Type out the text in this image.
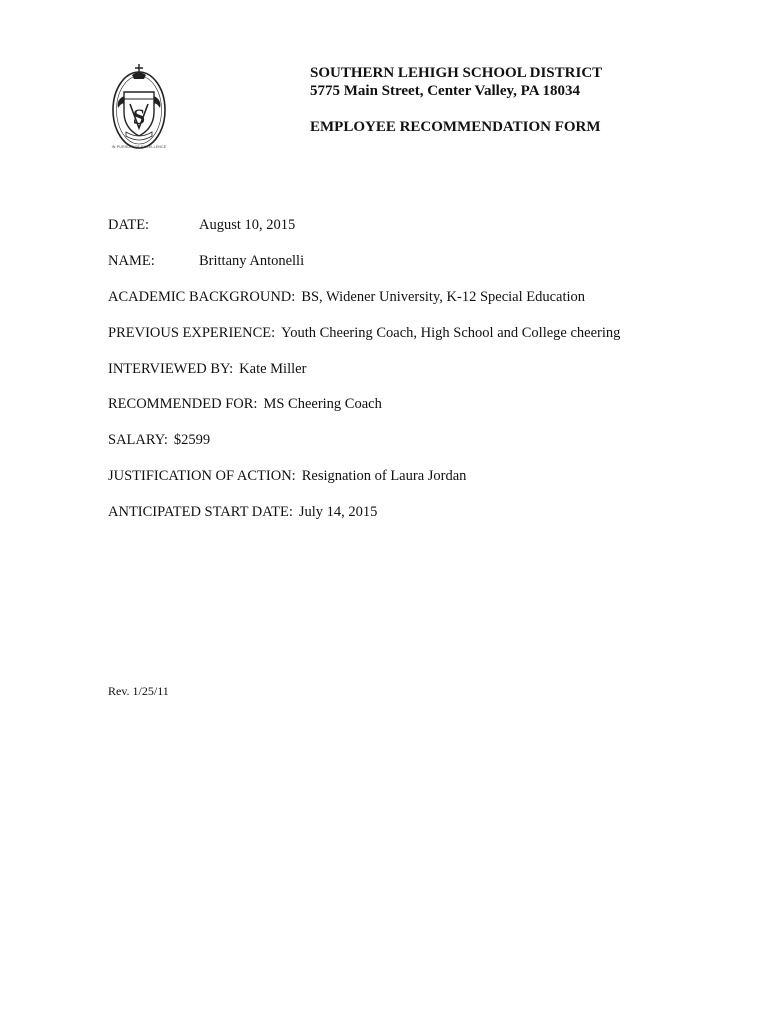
S
IN PURSUIT OF EXCELLENCE
SOUTHERN LEHIGH SCHOOL DISTRICT
5775 Main Street, Center Valley, PA 18034
EMPLOYEE RECOMMENDATION FORM
DATE:	August 10, 2015
NAME:	Brittany Antonelli
ACADEMIC BACKGROUND: BS, Widener University, K-12 Special Education
PREVIOUS EXPERIENCE: Youth Cheering Coach, High School and College cheering
INTERVIEWED BY: Kate Miller
RECOMMENDED FOR: MS Cheering Coach
SALARY: $2599
JUSTIFICATION OF ACTION: Resignation of Laura Jordan
ANTICIPATED START DATE: July 14, 2015
Rev. 1/25/11
